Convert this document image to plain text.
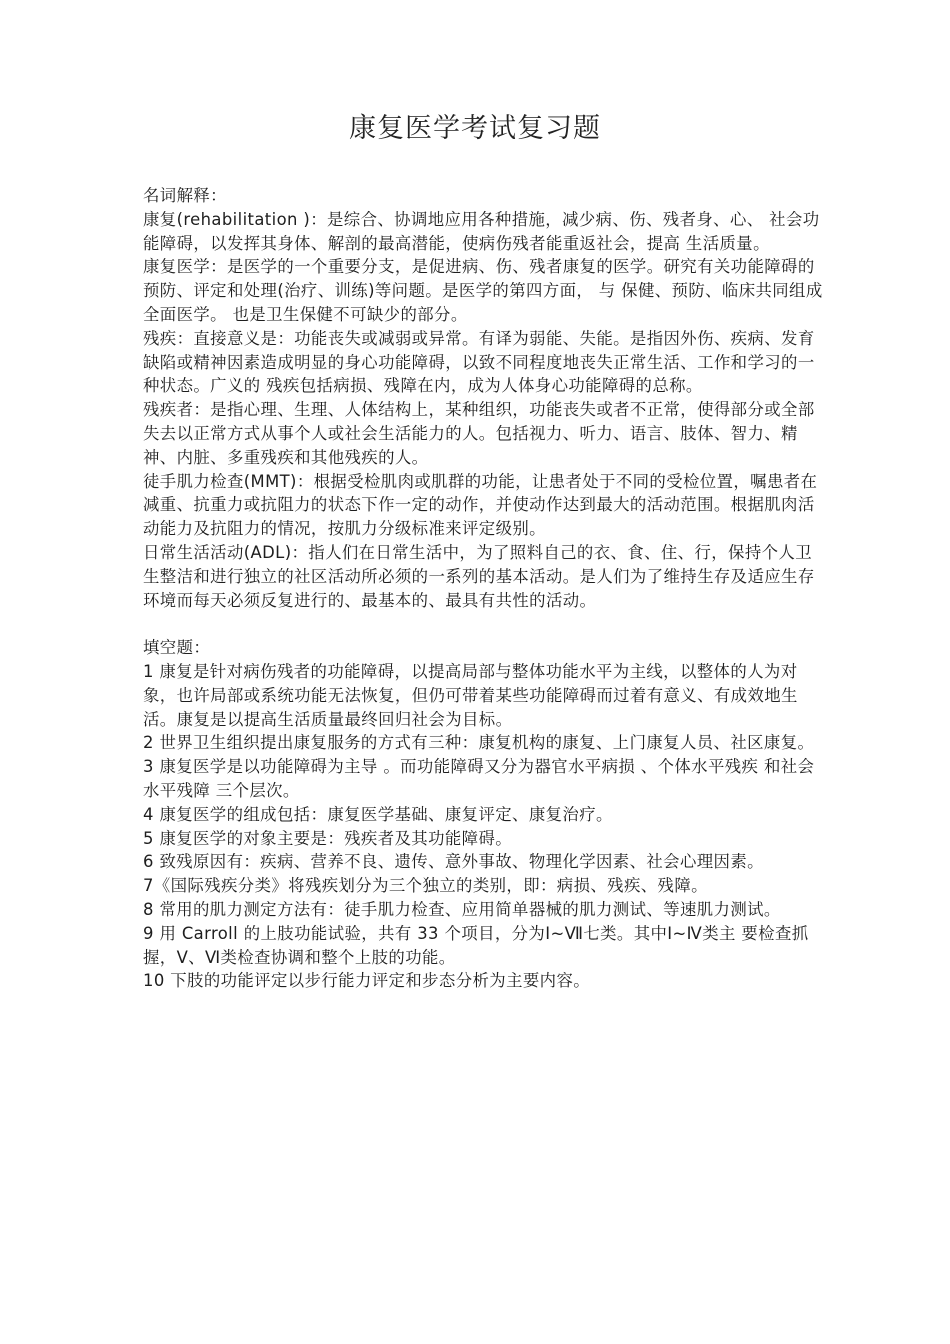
康复医学考试复习题

名词解释：

康复(rehabilitation )：是综合、协调地应用各种措施，减少病、伤、残者身、心、 社会功能障碍，以发挥其身体、解剖的最高潜能，使病伤残者能重返社会，提高 生活质量。

康复医学：是医学的一个重要分支，是促进病、伤、残者康复的医学。研究有关功能障碍的预防、评定和处理(治疗、训练)等问题。是医学的第四方面， 与 保健、预防、临床共同组成全面医学。 也是卫生保健不可缺少的部分。

残疾：直接意义是：功能丧失或减弱或异常。有译为弱能、失能。是指因外伤、疾病、发育缺陷或精神因素造成明显的身心功能障碍，以致不同程度地丧失正常生活、工作和学习的一种状态。广义的 残疾包括病损、残障在内，成为人体身心功能障碍的总称。

残疾者：是指心理、生理、人体结构上，某种组织，功能丧失或者不正常，使得部分或全部失去以正常方式从事个人或社会生活能力的人。包括视力、听力、语言、肢体、智力、精神、内脏、多重残疾和其他残疾的人。

徒手肌力检查(MMT)：根据受检肌肉或肌群的功能，让患者处于不同的受检位置，嘱患者在减重、抗重力或抗阻力的状态下作一定的动作，并使动作达到最大的活动范围。根据肌肉活动能力及抗阻力的情况，按肌力分级标准来评定级别。

日常生活活动(ADL)：指人们在日常生活中，为了照料自己的衣、食、住、行，保持个人卫生整洁和进行独立的社区活动所必须的一系列的基本活动。是人们为了维持生存及适应生存环境而每天必须反复进行的、最基本的、最具有共性的活动。

填空题：

1 康复是针对病伤残者的功能障碍，以提高局部与整体功能水平为主线，以整体的人为对象，也许局部或系统功能无法恢复，但仍可带着某些功能障碍而过着有意义、有成效地生活。康复是以提高生活质量最终回归社会为目标。

2 世界卫生组织提出康复服务的方式有三种：康复机构的康复、上门康复人员、社区康复。

3 康复医学是以功能障碍为主导 。而功能障碍又分为器官水平病损 、个体水平残疾 和社会水平残障 三个层次。

4 康复医学的组成包括：康复医学基础、康复评定、康复治疗。

5 康复医学的对象主要是：残疾者及其功能障碍。

6 致残原因有：疾病、营养不良、遗传、意外事故、物理化学因素、社会心理因素。

7《国际残疾分类》将残疾划分为三个独立的类别，即：病损、残疾、残障。

8 常用的肌力测定方法有：徒手肌力检查、应用简单器械的肌力测试、等速肌力测试。

9 用 Carroll 的上肢功能试验，共有 33 个项目，分为Ⅰ~Ⅶ七类。其中Ⅰ~Ⅳ类主 要检查抓握，Ⅴ、Ⅵ类检查协调和整个上肢的功能。

10 下肢的功能评定以步行能力评定和步态分析为主要内容。
